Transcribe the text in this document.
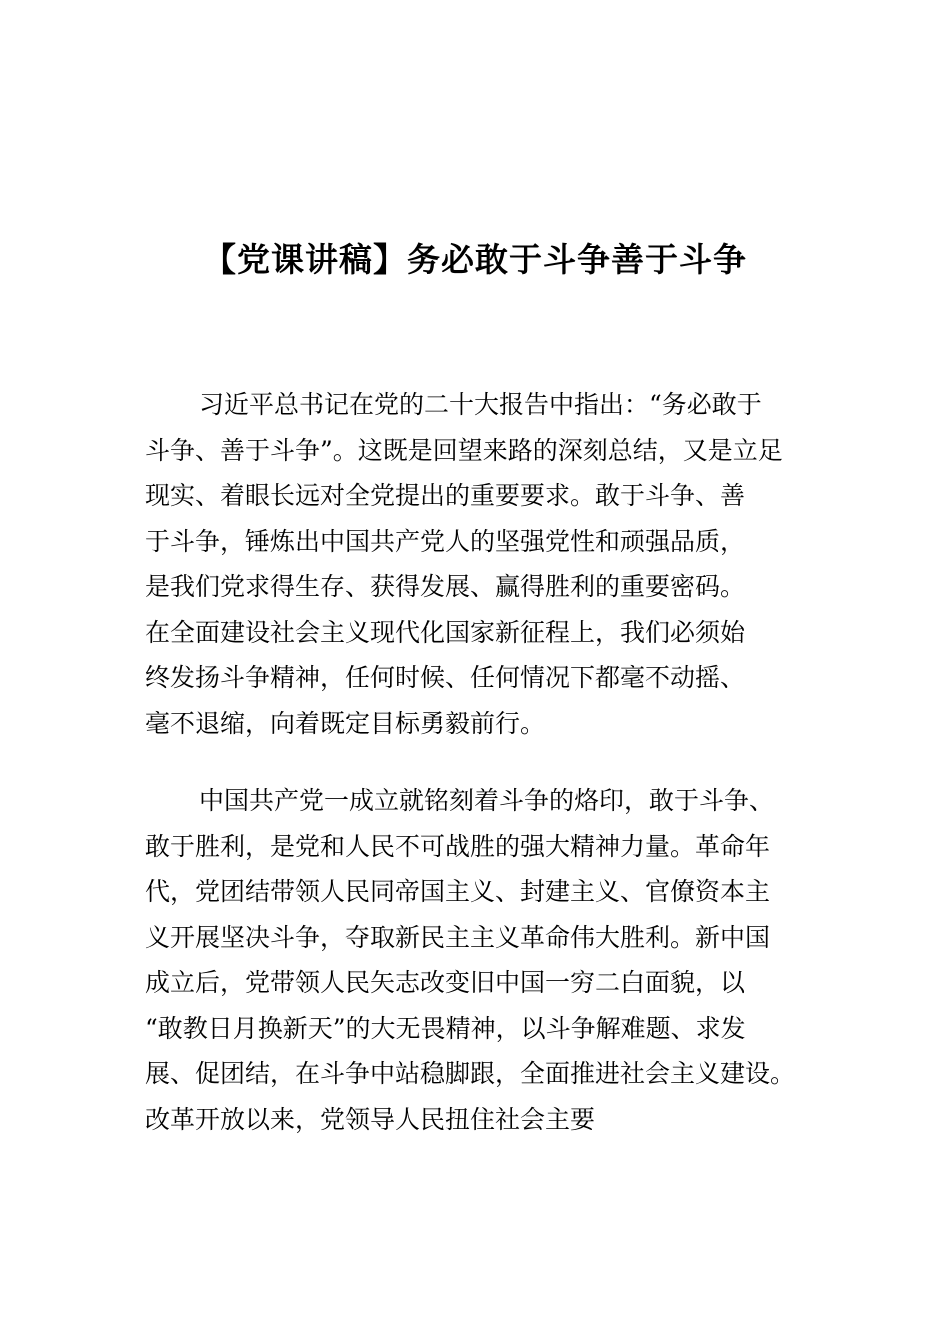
【党课讲稿】务必敢于斗争善于斗争
习近平总书记在党的二十大报告中指出：“务必敢于
斗争、善于斗争”。这既是回望来路的深刻总结，又是立足
现实、着眼长远对全党提出的重要要求。敢于斗争、善
于斗争，锤炼出中国共产党人的坚强党性和顽强品质，
是我们党求得生存、获得发展、赢得胜利的重要密码。
在全面建设社会主义现代化国家新征程上，我们必须始
终发扬斗争精神，任何时候、任何情况下都毫不动摇、
毫不退缩，向着既定目标勇毅前行。
中国共产党一成立就铭刻着斗争的烙印，敢于斗争、
敢于胜利，是党和人民不可战胜的强大精神力量。革命年
代，党团结带领人民同帝国主义、封建主义、官僚资本主
义开展坚决斗争，夺取新民主主义革命伟大胜利。新中国
成立后，党带领人民矢志改变旧中国一穷二白面貌，以
“敢教日月换新天”的大无畏精神，以斗争解难题、求发
展、促团结，在斗争中站稳脚跟，全面推进社会主义建设。
改革开放以来，党领导人民扭住社会主要
